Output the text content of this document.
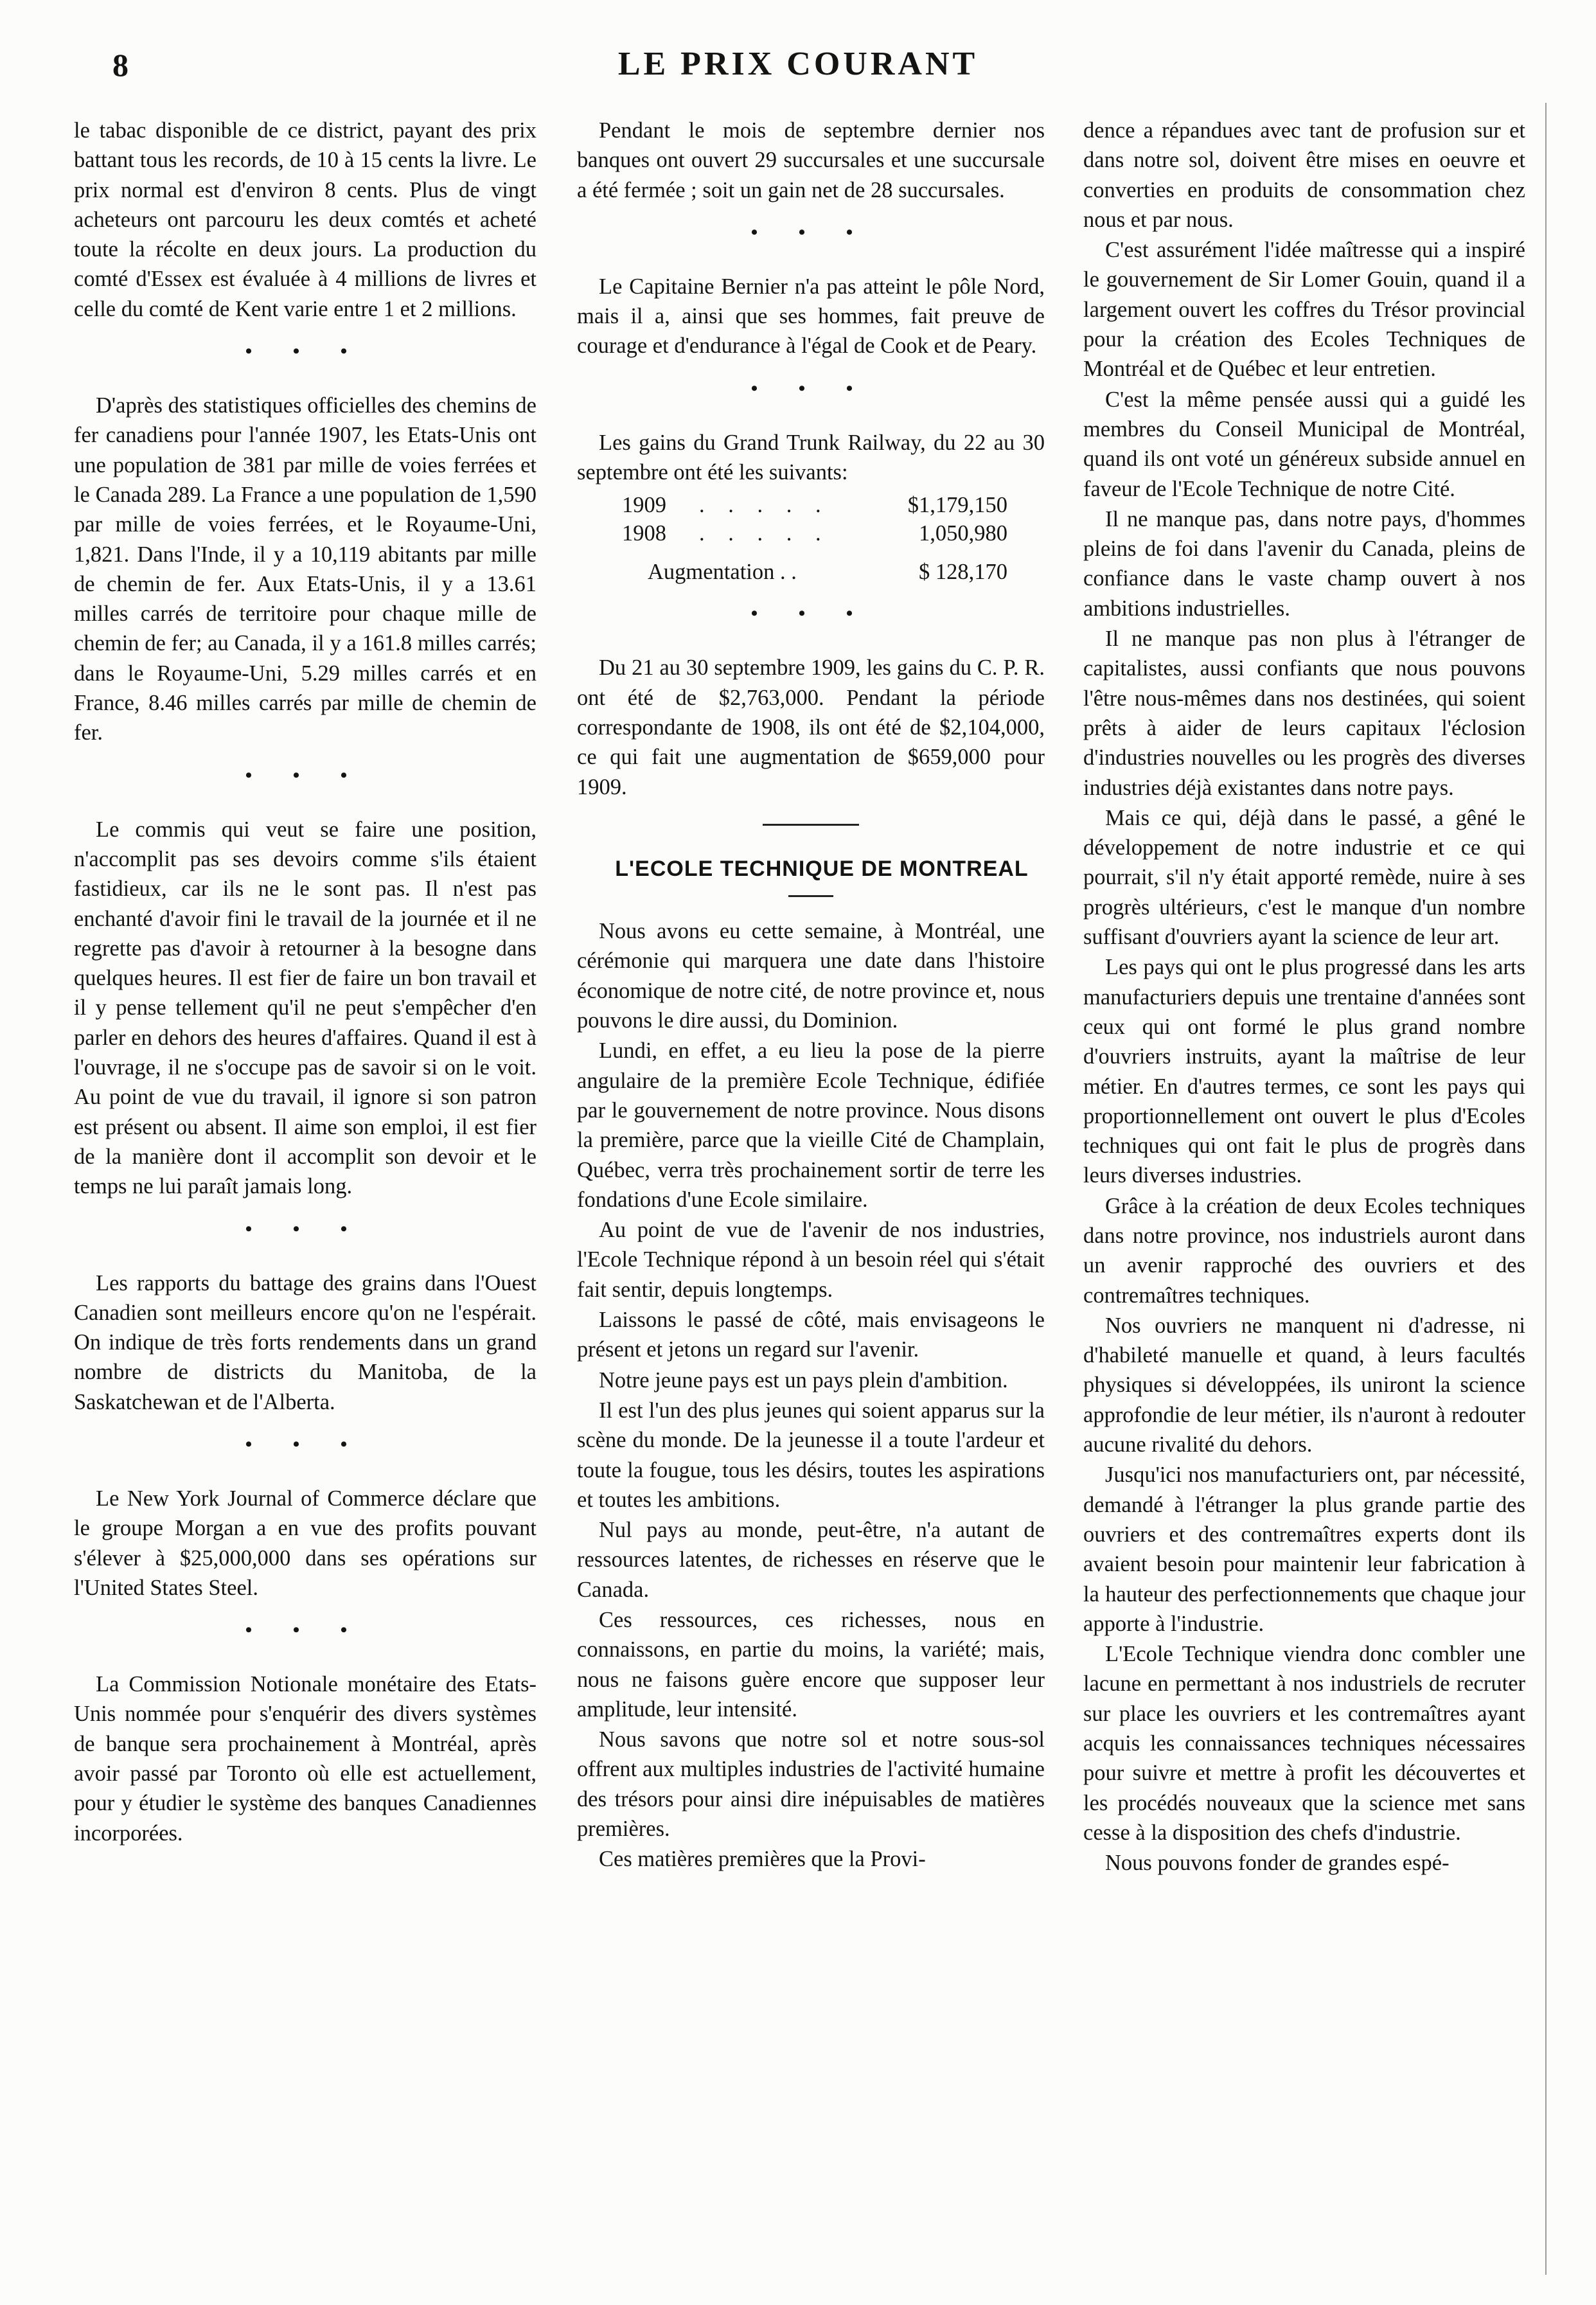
8	LE PRIX COURANT

le tabac disponible de ce district, payant des prix battant tous les records, de 10 à 15 cents la livre. Le prix normal est d'environ 8 cents. Plus de vingt acheteurs ont parcouru les deux comtés et acheté toute la récolte en deux jours. La production du comté d'Essex est évaluée à 4 millions de livres et celle du comté de Kent varie entre 1 et 2 millions.

• • •

D'après des statistiques officielles des chemins de fer canadiens pour l'année 1907, les Etats-Unis ont une population de 381 par mille de voies ferrées et le Canada 289. La France a une population de 1,590 par mille de voies ferrées, et le Royaume-Uni, 1,821. Dans l'Inde, il y a 10,119 abitants par mille de chemin de fer. Aux Etats-Unis, il y a 13.61 milles carrés de territoire pour chaque mille de chemin de fer; au Canada, il y a 161.8 milles carrés; dans le Royaume-Uni, 5.29 milles carrés et en France, 8.46 milles carrés par mille de chemin de fer.

• • •

Le commis qui veut se faire une position, n'accomplit pas ses devoirs comme s'ils étaient fastidieux, car ils ne le sont pas. Il n'est pas enchanté d'avoir fini le travail de la journée et il ne regrette pas d'avoir à retourner à la besogne dans quelques heures. Il est fier de faire un bon travail et il y pense tellement qu'il ne peut s'empêcher d'en parler en dehors des heures d'affaires. Quand il est à l'ouvrage, il ne s'occupe pas de savoir si on le voit. Au point de vue du travail, il ignore si son patron est présent ou absent. Il aime son emploi, il est fier de la manière dont il accomplit son devoir et le temps ne lui paraît jamais long.

• • •

Les rapports du battage des grains dans l'Ouest Canadien sont meilleurs encore qu'on ne l'espérait. On indique de très forts rendements dans un grand nombre de districts du Manitoba, de la Saskatchewan et de l'Alberta.

• • •

Le New York Journal of Commerce déclare que le groupe Morgan a en vue des profits pouvant s'élever à $25,000,000 dans ses opérations sur l'United States Steel.

• • •

La Commission Notionale monétaire des Etats-Unis nommée pour s'enquérir des divers systèmes de banque sera prochainement à Montréal, après avoir passé par Toronto où elle est actuellement, pour y étudier le système des banques Canadiennes incorporées.

Pendant le mois de septembre dernier nos banques ont ouvert 29 succursales et une succursale a été fermée ; soit un gain net de 28 succursales.

• • •

Le Capitaine Bernier n'a pas atteint le pôle Nord, mais il a, ainsi que ses hommes, fait preuve de courage et d'endurance à l'égal de Cook et de Peary.

• • •

Les gains du Grand Trunk Railway, du 22 au 30 septembre ont été les suivants:

1909	. . . . .	$1,179,150
1908	. . . . .	1,050,980
Augmentation . .		$ 128,170
• • •

Du 21 au 30 septembre 1909, les gains du C. P. R. ont été de $2,763,000. Pendant la période correspondante de 1908, ils ont été de $2,104,000, ce qui fait une augmentation de $659,000 pour 1909.

L'ECOLE TECHNIQUE DE MONTREAL

Nous avons eu cette semaine, à Montréal, une cérémonie qui marquera une date dans l'histoire économique de notre cité, de notre province et, nous pouvons le dire aussi, du Dominion.

Lundi, en effet, a eu lieu la pose de la pierre angulaire de la première Ecole Technique, édifiée par le gouvernement de notre province. Nous disons la première, parce que la vieille Cité de Champlain, Québec, verra très prochainement sortir de terre les fondations d'une Ecole similaire.

Au point de vue de l'avenir de nos industries, l'Ecole Technique répond à un besoin réel qui s'était fait sentir, depuis longtemps.

Laissons le passé de côté, mais envisageons le présent et jetons un regard sur l'avenir.

Notre jeune pays est un pays plein d'ambition.

Il est l'un des plus jeunes qui soient apparus sur la scène du monde. De la jeunesse il a toute l'ardeur et toute la fougue, tous les désirs, toutes les aspirations et toutes les ambitions.

Nul pays au monde, peut-être, n'a autant de ressources latentes, de richesses en réserve que le Canada.

Ces ressources, ces richesses, nous en connaissons, en partie du moins, la variété; mais, nous ne faisons guère encore que supposer leur amplitude, leur intensité.

Nous savons que notre sol et notre sous-sol offrent aux multiples industries de l'activité humaine des trésors pour ainsi dire inépuisables de matières premières.

Ces matières premières que la Provi-

dence a répandues avec tant de profusion sur et dans notre sol, doivent être mises en oeuvre et converties en produits de consommation chez nous et par nous.

C'est assurément l'idée maîtresse qui a inspiré le gouvernement de Sir Lomer Gouin, quand il a largement ouvert les coffres du Trésor provincial pour la création des Ecoles Techniques de Montréal et de Québec et leur entretien.

C'est la même pensée aussi qui a guidé les membres du Conseil Municipal de Montréal, quand ils ont voté un généreux subside annuel en faveur de l'Ecole Technique de notre Cité.

Il ne manque pas, dans notre pays, d'hommes pleins de foi dans l'avenir du Canada, pleins de confiance dans le vaste champ ouvert à nos ambitions industrielles.

Il ne manque pas non plus à l'étranger de capitalistes, aussi confiants que nous pouvons l'être nous-mêmes dans nos destinées, qui soient prêts à aider de leurs capitaux l'éclosion d'industries nouvelles ou les progrès des diverses industries déjà existantes dans notre pays.

Mais ce qui, déjà dans le passé, a gêné le développement de notre industrie et ce qui pourrait, s'il n'y était apporté remède, nuire à ses progrès ultérieurs, c'est le manque d'un nombre suffisant d'ouvriers ayant la science de leur art.

Les pays qui ont le plus progressé dans les arts manufacturiers depuis une trentaine d'années sont ceux qui ont formé le plus grand nombre d'ouvriers instruits, ayant la maîtrise de leur métier. En d'autres termes, ce sont les pays qui proportionnellement ont ouvert le plus d'Ecoles techniques qui ont fait le plus de progrès dans leurs diverses industries.

Grâce à la création de deux Ecoles techniques dans notre province, nos industriels auront dans un avenir rapproché des ouvriers et des contremaîtres techniques.

Nos ouvriers ne manquent ni d'adresse, ni d'habileté manuelle et quand, à leurs facultés physiques si développées, ils uniront la science approfondie de leur métier, ils n'auront à redouter aucune rivalité du dehors.

Jusqu'ici nos manufacturiers ont, par nécessité, demandé à l'étranger la plus grande partie des ouvriers et des contremaîtres experts dont ils avaient besoin pour maintenir leur fabrication à la hauteur des perfectionnements que chaque jour apporte à l'industrie.

L'Ecole Technique viendra donc combler une lacune en permettant à nos industriels de recruter sur place les ouvriers et les contremaîtres ayant acquis les connaissances techniques nécessaires pour suivre et mettre à profit les découvertes et les procédés nouveaux que la science met sans cesse à la disposition des chefs d'industrie.

Nous pouvons fonder de grandes espé-
